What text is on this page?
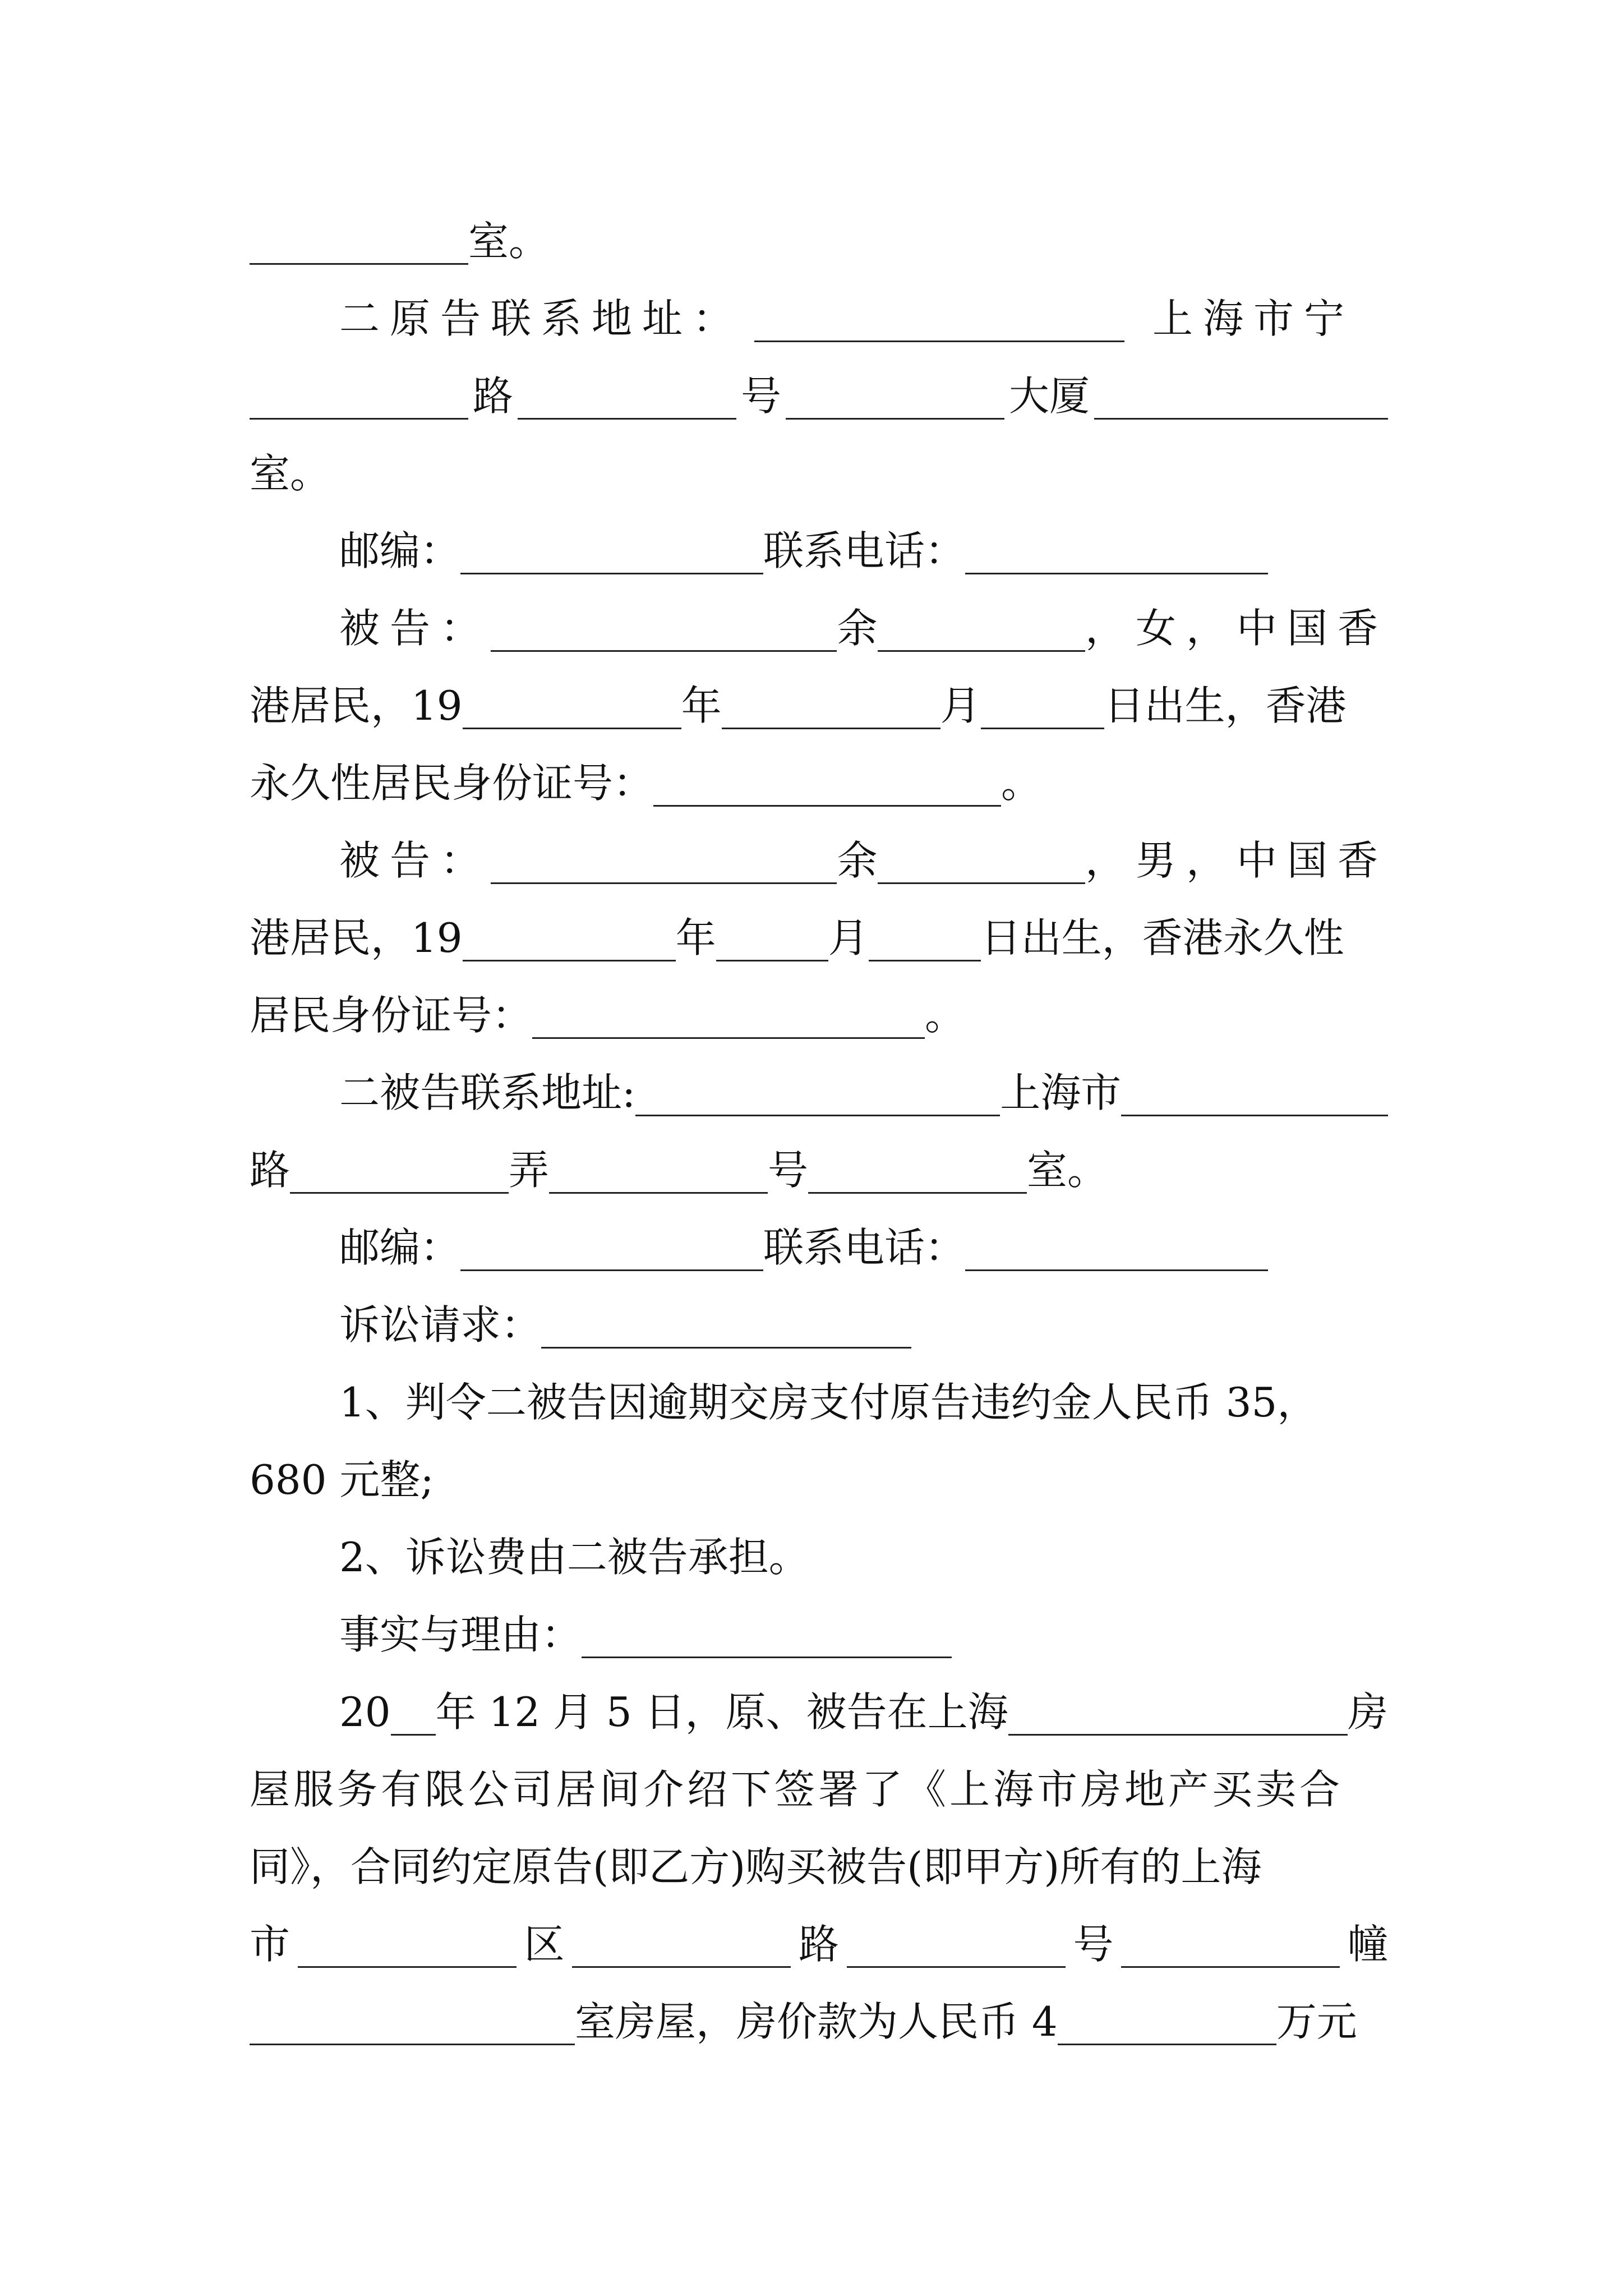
室。
二原告联系地址：	上海市宁
路	号	大厦
室。
邮编：	联系电话：
被告：	余	，女，中国香
港居民，19	年	月	日出生，香港
永久性居民身份证号：	。
被告：	余	，男，中国香
港居民，19	年	月	日出生，香港永久性
居民身份证号：	。
二被告联系地址:	上海市
路	弄	号	室。
邮编：	联系电话：
诉讼请求：
1、判令二被告因逾期交房支付原告违约金人民币 35，
680 元整;
2、诉讼费由二被告承担。
事实与理由：
20 年 12 月 5 日，原、被告在上海	房
屋服务有限公司居间介绍下签署了《上海市房地产买卖合
同》，合同约定原告(即乙方)购买被告(即甲方)所有的上海
市	区	路	号	幢
室房屋，房价款为人民币 4	万元
